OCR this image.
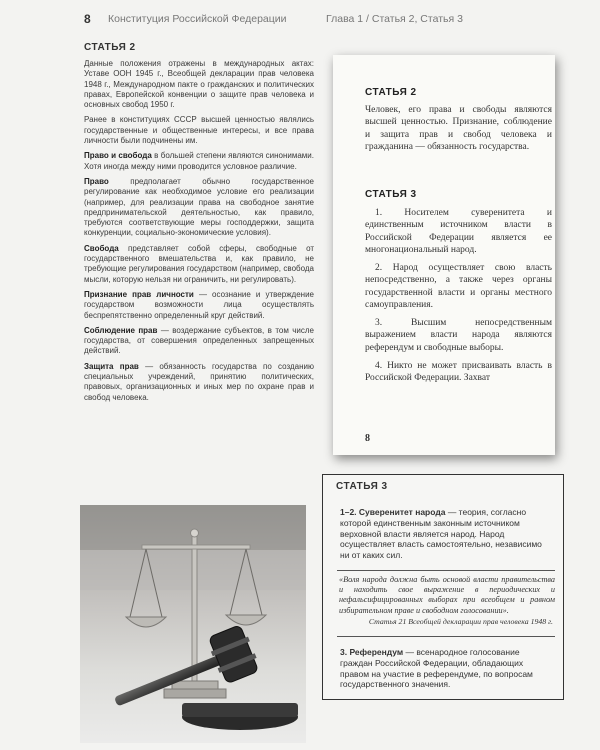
8 Конституция Российской Федерации	Глава 1 / Статья 2, Статья 3
СТАТЬЯ 2

Данные положения отражены в международных актах: Уставе ООН 1945 г., Всеобщей декларации прав человека 1948 г., Международном пакте о гражданских и политических правах, Европейской конвенции о защите прав человека и основных свобод 1950 г.

Ранее в конституциях СССР высшей ценностью являлись государственные и общественные интересы, и все права личности были подчинены им.

Право и свобода в большей степени являются синонимами. Хотя иногда между ними проводится условное различие.

Право предполагает обычно государственное регулирование как необходимое условие его реализации (например, для реализации права на свободное занятие предпринимательской деятельностью, как правило, требуются соответствующие меры господдержки, защита конкуренции, социально-экономические условия).

Свобода представляет собой сферы, свободные от государственного вмешательства и, как правило, не требующие регулирования государством (например, свобода мысли, которую нельзя ни ограничить, ни регулировать).

Признание прав личности — осознание и утверждение государством возможности лица осуществлять беспрепятственно определенный круг действий.

Соблюдение прав — воздержание субъектов, в том числе государства, от совершения определенных запрещенных действий.

Защита прав — обязанность государства по созданию специальных учреждений, принятию политических, правовых, организационных и иных мер по охране прав и свобод человека.

СТАТЬЯ 2

Человек, его права и свободы являются высшей ценностью. Признание, соблюдение и защита прав и свобод человека и гражданина — обязанность государства.

СТАТЬЯ 3

1. Носителем суверенитета и единственным источником власти в Российской Федерации является ее многонациональный народ.

2. Народ осуществляет свою власть непосредственно, а также через органы государственной власти и органы местного самоуправления.

3. Высшим непосредственным выражением власти народа являются референдум и свободные выборы.

4. Никто не может присваивать власть в Российской Федерации. Захват

8
СТАТЬЯ 3

1–2. Суверенитет народа — теория, согласно которой единственным законным источником верховной власти является народ. Народ осуществляет власть самостоятельно, независимо ни от каких сил.

«Воля народа должна быть основой власти правительства и находить свое выражение в периодических и нефальсифицированных выборах при всеобщем и равном избирательном праве и свободном голосовании».

Статья 21 Всеобщей декларации прав человека 1948 г.

3. Референдум — всенародное голосование граждан Российской Федерации, обладающих правом на участие в референдуме, по вопросам государственного значения.
